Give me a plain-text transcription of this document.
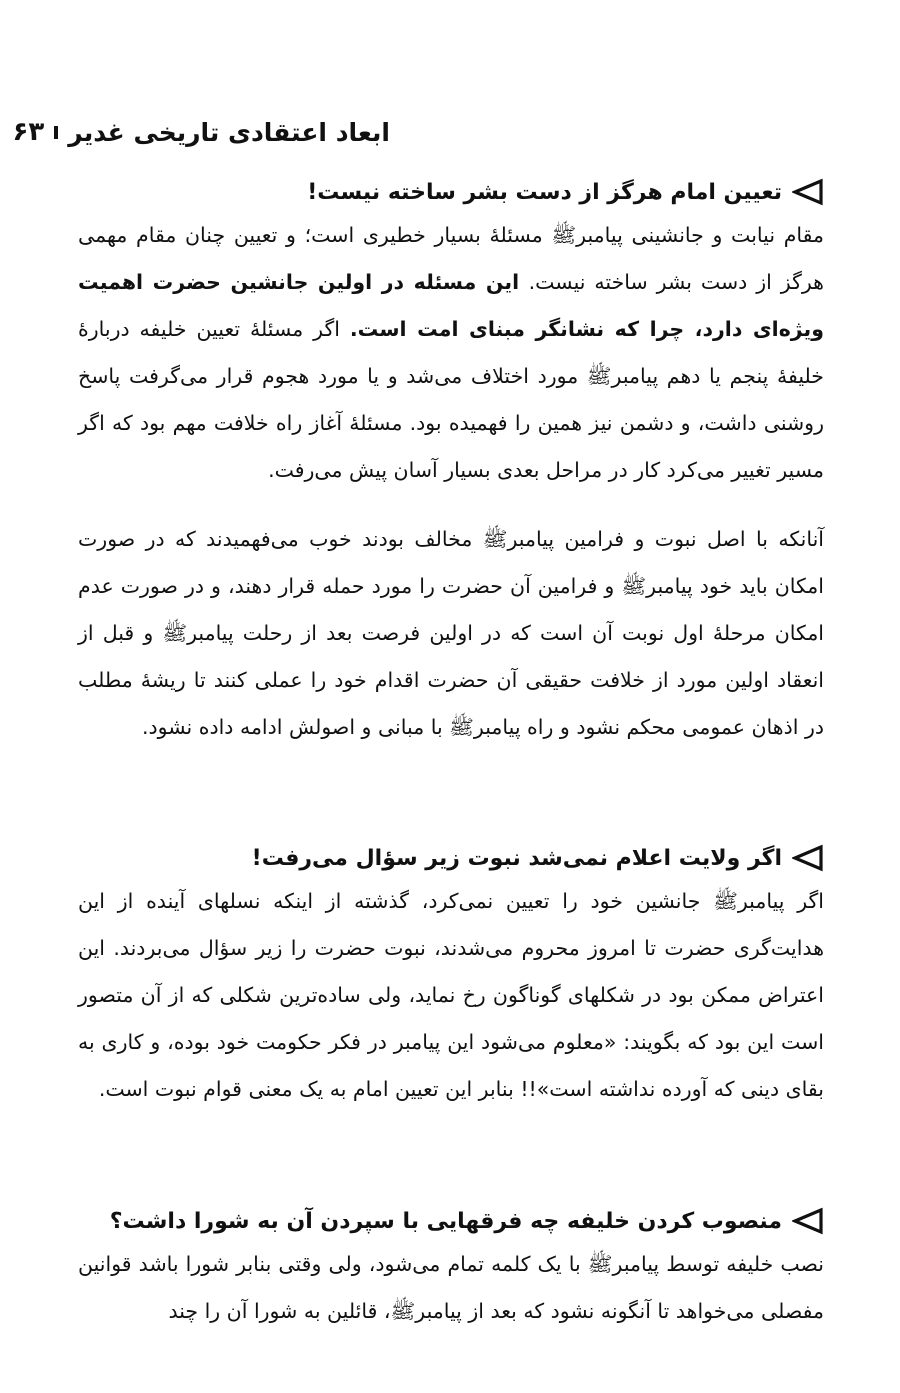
ابعاد اعتقادی تاریخی غدیر
۶۳
تعیین امام هرگز از دست بشر ساخته نیست!

مقام نیابت و جانشینی پیامبرﷺ مسئلهٔ بسیار خطیری است؛ و تعیین چنان مقام مهمی هرگز از دست بشر ساخته نیست. این مسئله در اولین جانشین حضرت اهمیت ویژه‌ای دارد، چرا که نشانگر مبنای امت است. اگر مسئلهٔ تعیین خلیفه دربارهٔ خلیفهٔ پنجم یا دهم پیامبرﷺ مورد اختلاف می‌شد و یا مورد هجوم قرار می‌گرفت پاسخ روشنی داشت، و دشمن نیز همین را فهمیده بود. مسئلهٔ آغاز راه خلافت مهم بود که اگر مسیر تغییر می‌کرد کار در مراحل بعدی بسیار آسان پیش می‌رفت.

آنانکه با اصل نبوت و فرامین پیامبرﷺ مخالف بودند خوب می‌فهمیدند که در صورت امکان باید خود پیامبرﷺ و فرامین آن حضرت را مورد حمله قرار دهند، و در صورت عدم امکان مرحلهٔ اول نوبت آن است که در اولین فرصت بعد از رحلت پیامبرﷺ و قبل از انعقاد اولین مورد از خلافت حقیقی آن حضرت اقدام خود را عملی کنند تا ریشهٔ مطلب در اذهان عمومی محکم نشود و راه پیامبرﷺ با مبانی و اصولش ادامه داده نشود.

اگر ولایت اعلام نمی‌شد نبوت زیر سؤال می‌رفت!

اگر پیامبرﷺ جانشین خود را تعیین نمی‌کرد، گذشته از اینکه نسلهای آینده از این هدایت‌گری حضرت تا امروز محروم می‌شدند، نبوت حضرت را زیر سؤال می‌بردند. این اعتراض ممکن بود در شکلهای گوناگون رخ نماید، ولی ساده‌ترین شکلی که از آن متصور است این بود که بگویند: «معلوم می‌شود این پیامبر در فکر حکومت خود بوده، و کاری به بقای دینی که آورده نداشته است»!! بنابر این تعیین امام به یک معنی قوام نبوت است.

منصوب کردن خلیفه چه فرقهایی با سپردن آن به شورا داشت؟

نصب خلیفه توسط پیامبرﷺ با یک کلمه تمام می‌شود، ولی وقتی بنابر شورا باشد قوانین مفصلی می‌خواهد تا آنگونه نشود که بعد از پیامبرﷺ، قائلین به شورا آن را چند
